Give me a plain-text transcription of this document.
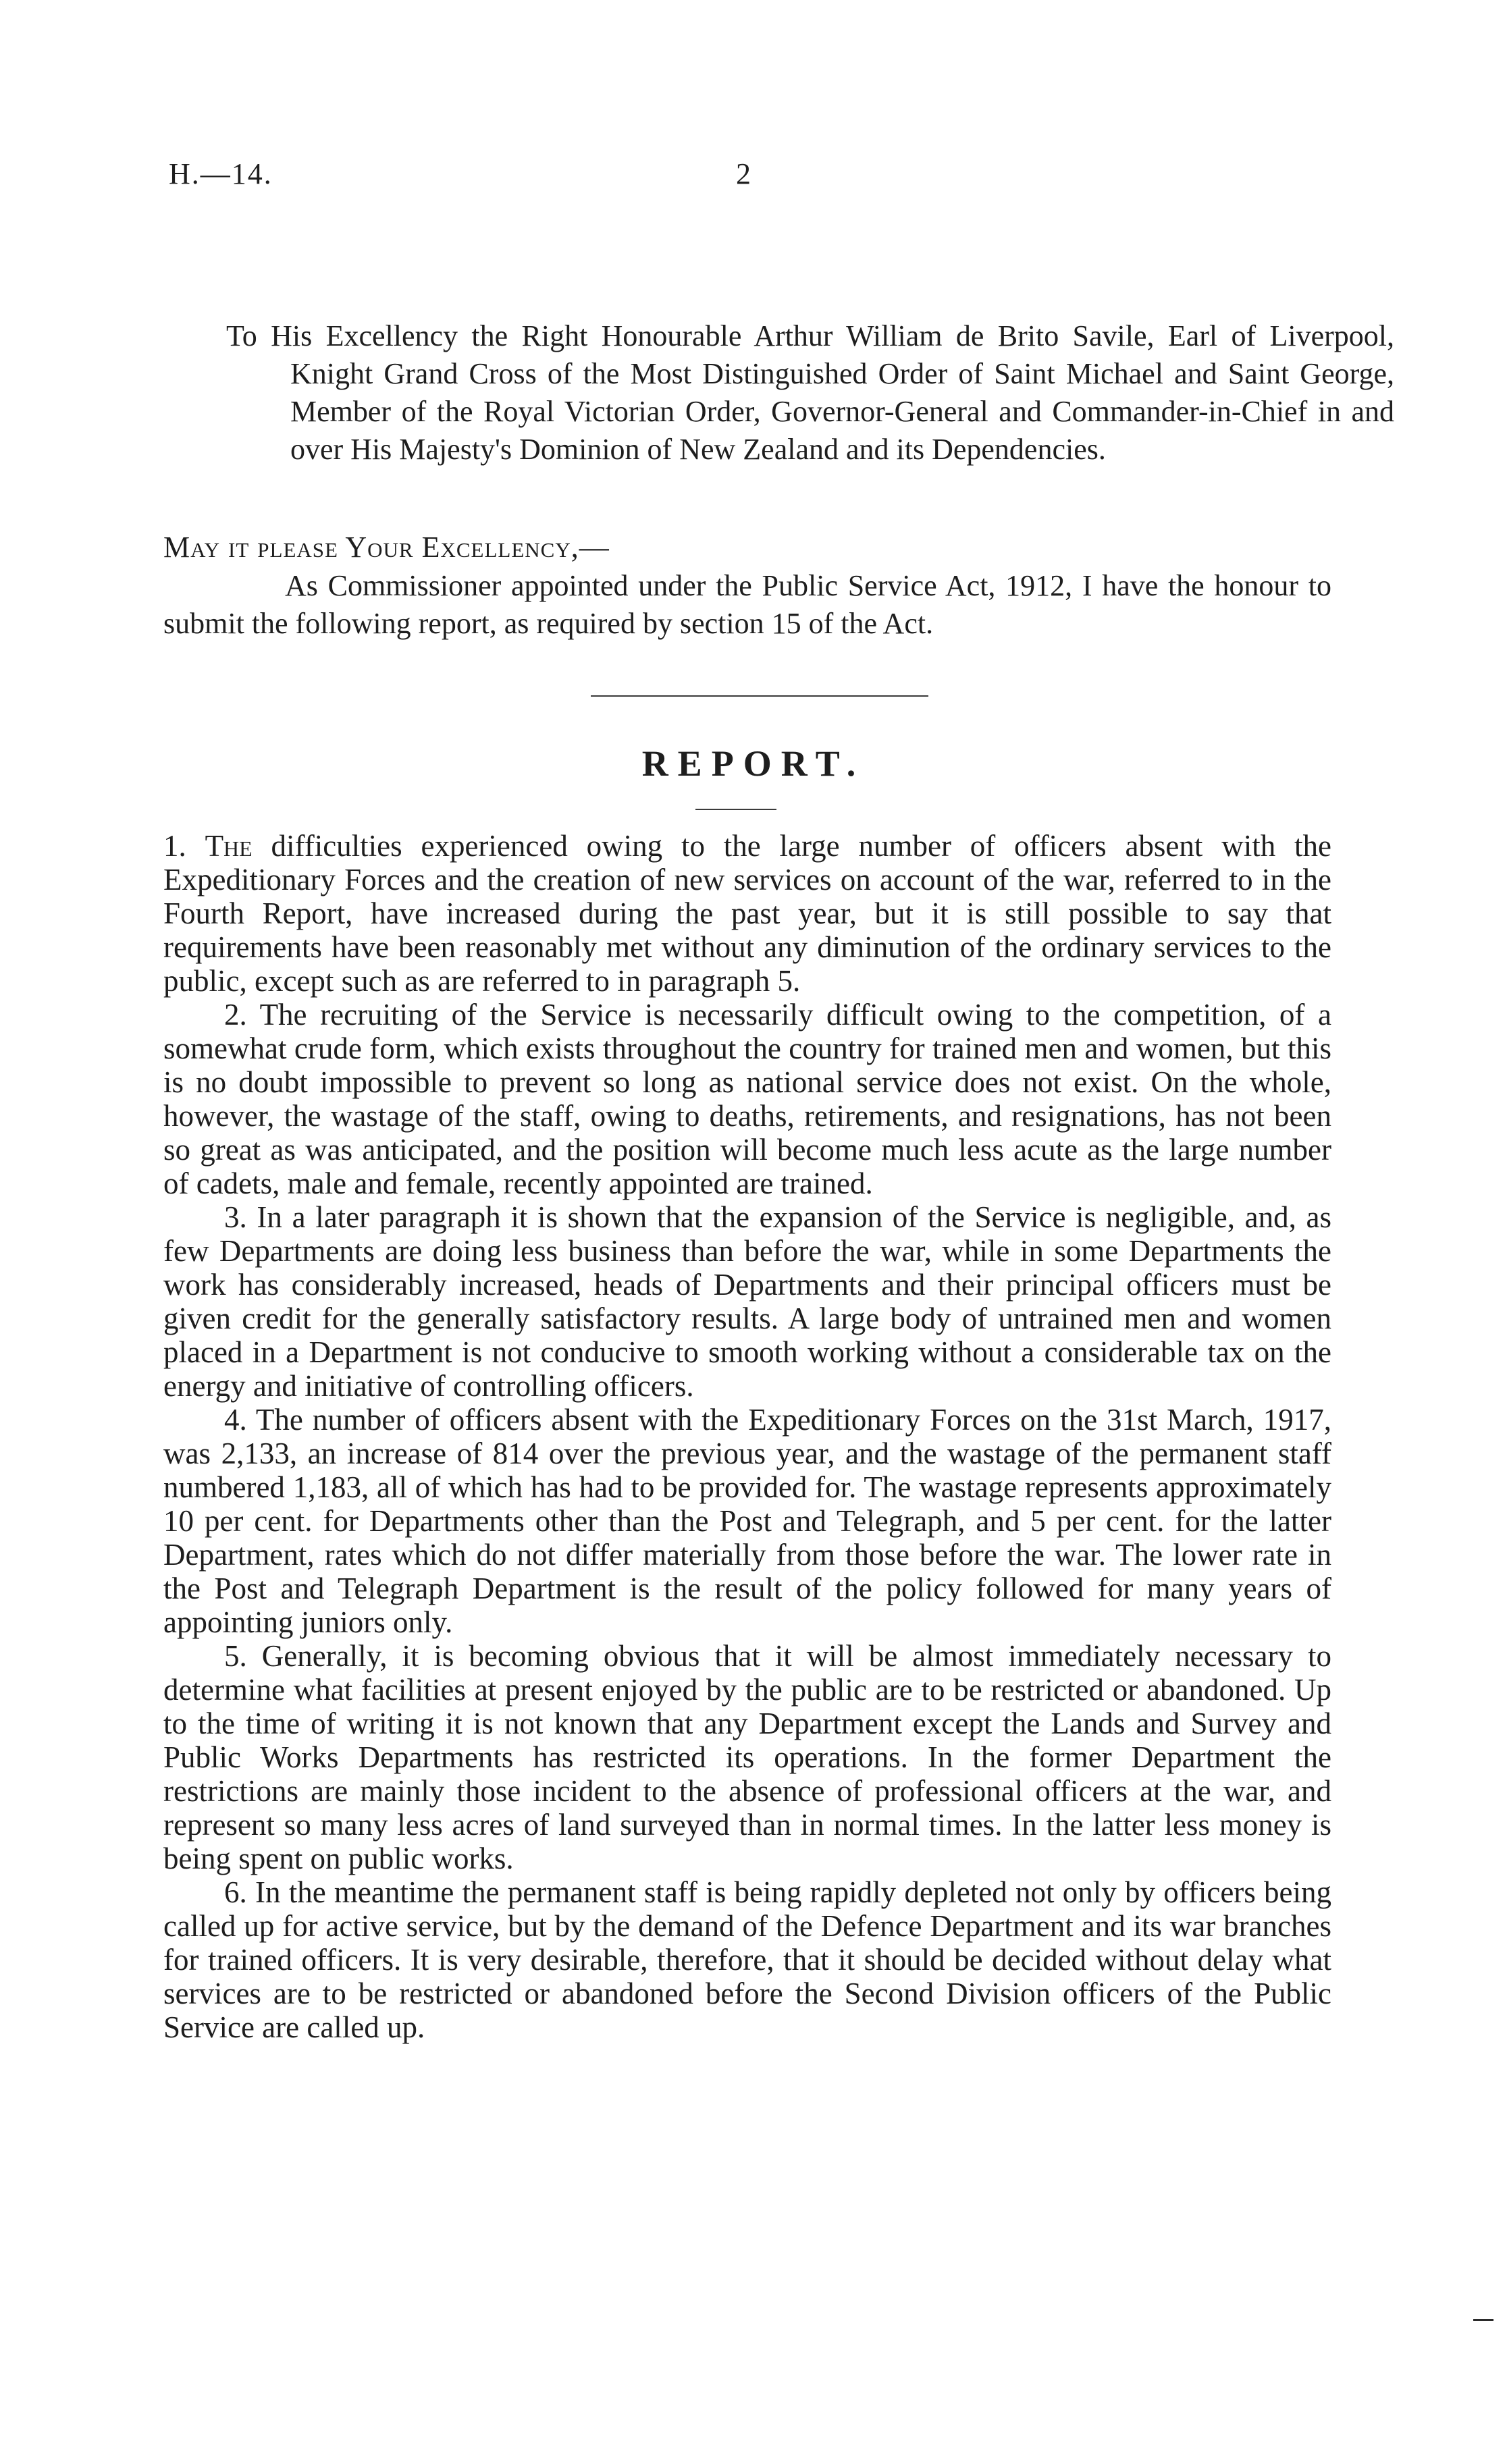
H.—14.	2

To His Excellency the Right Honourable Arthur William de Brito Savile, Earl of Liverpool, Knight Grand Cross of the Most Distinguished Order of Saint Michael and Saint George, Member of the Royal Victorian Order, Governor-General and Commander-in-Chief in and over His Majesty's Dominion of New Zealand and its Dependencies.

May it please Your Excellency,—

As Commissioner appointed under the Public Service Act, 1912, I have the honour to submit the following report, as required by section 15 of the Act.

REPORT.

1. The difficulties experienced owing to the large number of officers absent with the Expeditionary Forces and the creation of new services on account of the war, referred to in the Fourth Report, have increased during the past year, but it is still possible to say that requirements have been reasonably met without any diminution of the ordinary services to the public, except such as are referred to in paragraph 5.

2. The recruiting of the Service is necessarily difficult owing to the competition, of a somewhat crude form, which exists throughout the country for trained men and women, but this is no doubt impossible to prevent so long as national service does not exist. On the whole, however, the wastage of the staff, owing to deaths, retirements, and resignations, has not been so great as was anticipated, and the position will become much less acute as the large number of cadets, male and female, recently appointed are trained.

3. In a later paragraph it is shown that the expansion of the Service is negligible, and, as few Departments are doing less business than before the war, while in some Departments the work has considerably increased, heads of Departments and their principal officers must be given credit for the generally satisfactory results. A large body of untrained men and women placed in a Department is not conducive to smooth working without a considerable tax on the energy and initiative of controlling officers.

4. The number of officers absent with the Expeditionary Forces on the 31st March, 1917, was 2,133, an increase of 814 over the previous year, and the wastage of the permanent staff numbered 1,183, all of which has had to be provided for. The wastage represents approximately 10 per cent. for Departments other than the Post and Telegraph, and 5 per cent. for the latter Department, rates which do not differ materially from those before the war. The lower rate in the Post and Telegraph Department is the result of the policy followed for many years of appointing juniors only.

5. Generally, it is becoming obvious that it will be almost immediately necessary to determine what facilities at present enjoyed by the public are to be restricted or abandoned. Up to the time of writing it is not known that any Department except the Lands and Survey and Public Works Departments has restricted its operations. In the former Department the restrictions are mainly those incident to the absence of professional officers at the war, and represent so many less acres of land surveyed than in normal times. In the latter less money is being spent on public works.

6. In the meantime the permanent staff is being rapidly depleted not only by officers being called up for active service, but by the demand of the Defence Department and its war branches for trained officers. It is very desirable, therefore, that it should be decided without delay what services are to be restricted or abandoned before the Second Division officers of the Public Service are called up.
